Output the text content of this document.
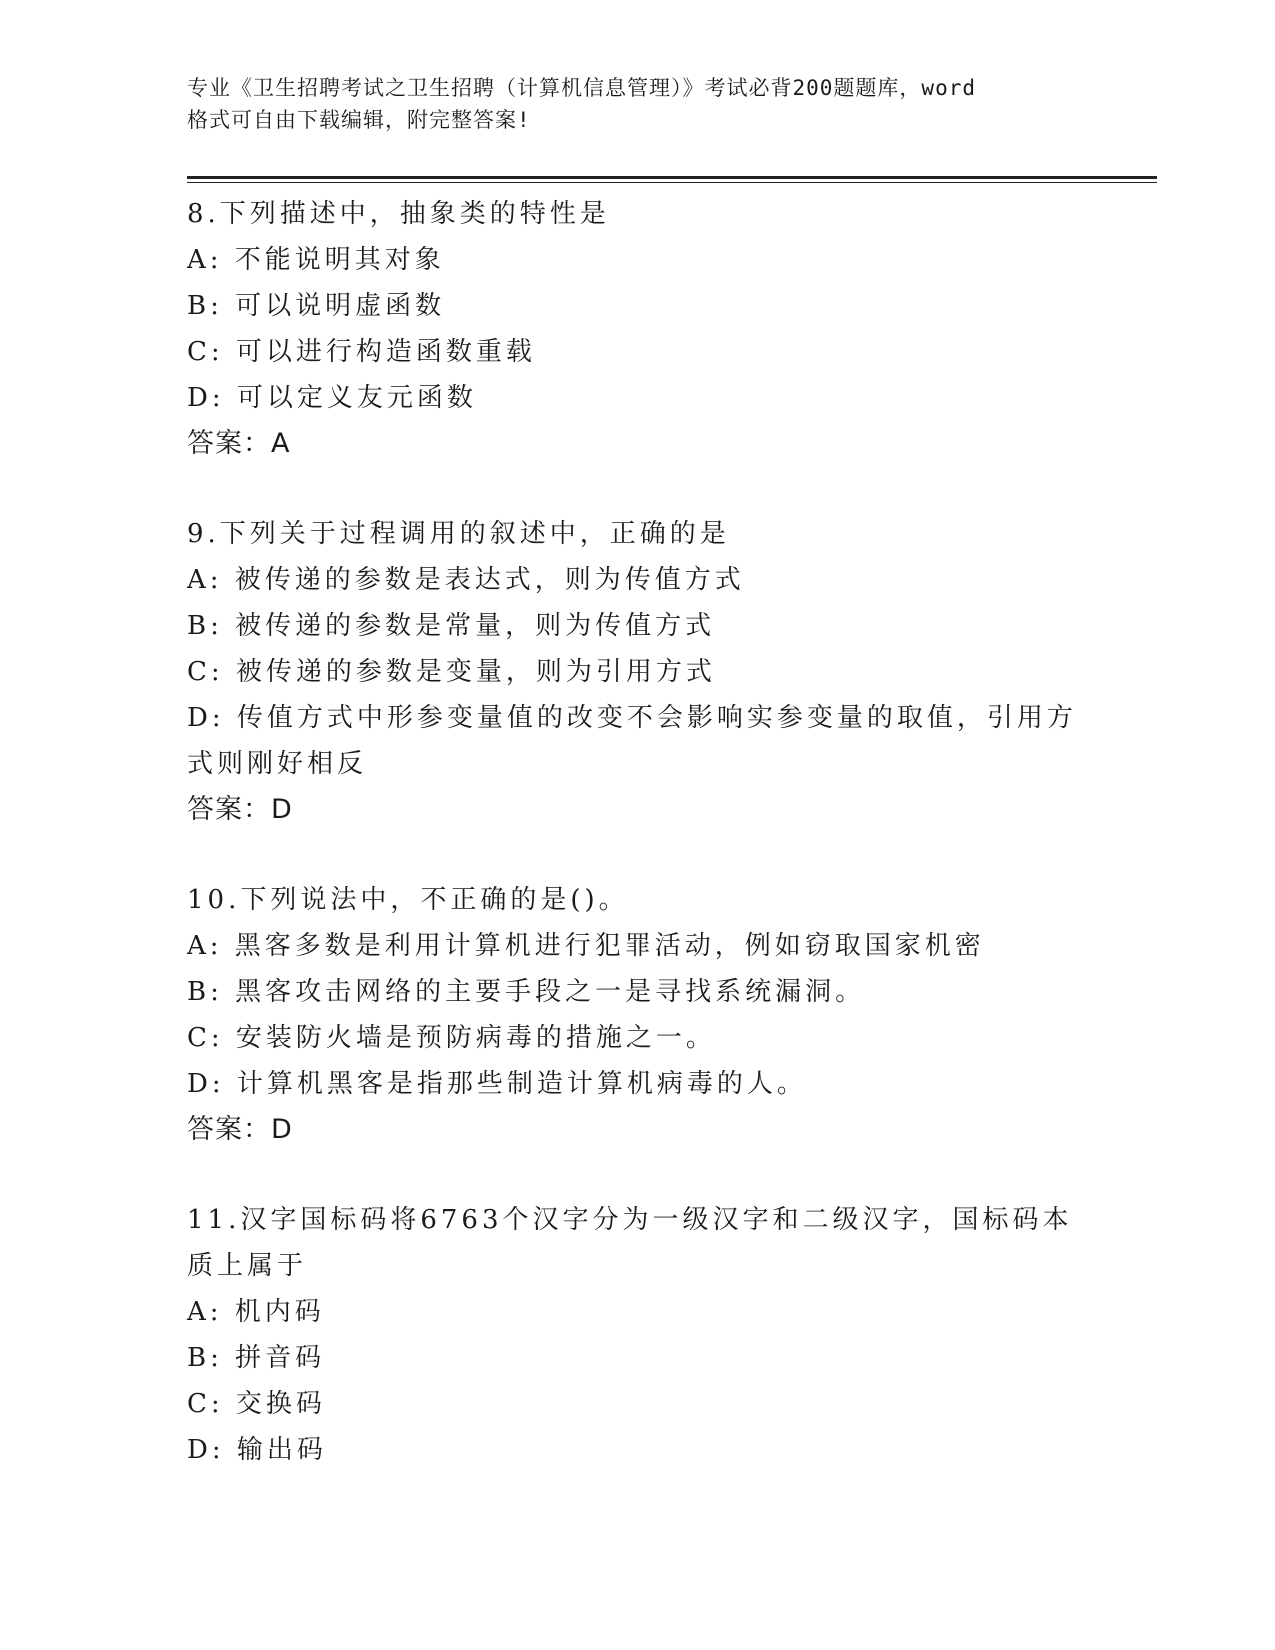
专业《卫生招聘考试之卫生招聘（计算机信息管理）》考试必背200题题库，word
格式可自由下载编辑，附完整答案!
8.下列描述中，抽象类的特性是
A: 不能说明其对象
B: 可以说明虚函数
C: 可以进行构造函数重载
D: 可以定义友元函数
答案：A
9.下列关于过程调用的叙述中，正确的是
A: 被传递的参数是表达式，则为传值方式
B: 被传递的参数是常量，则为传值方式
C: 被传递的参数是变量，则为引用方式
D: 传值方式中形参变量值的改变不会影响实参变量的取值，引用方式则刚好相反
答案：D
10.下列说法中，不正确的是()。
A: 黑客多数是利用计算机进行犯罪活动，例如窃取国家机密
B: 黑客攻击网络的主要手段之一是寻找系统漏洞。
C: 安装防火墙是预防病毒的措施之一。
D: 计算机黑客是指那些制造计算机病毒的人。
答案：D
11.汉字国标码将6763个汉字分为一级汉字和二级汉字，国标码本质上属于
A: 机内码
B: 拼音码
C: 交换码
D: 输出码
